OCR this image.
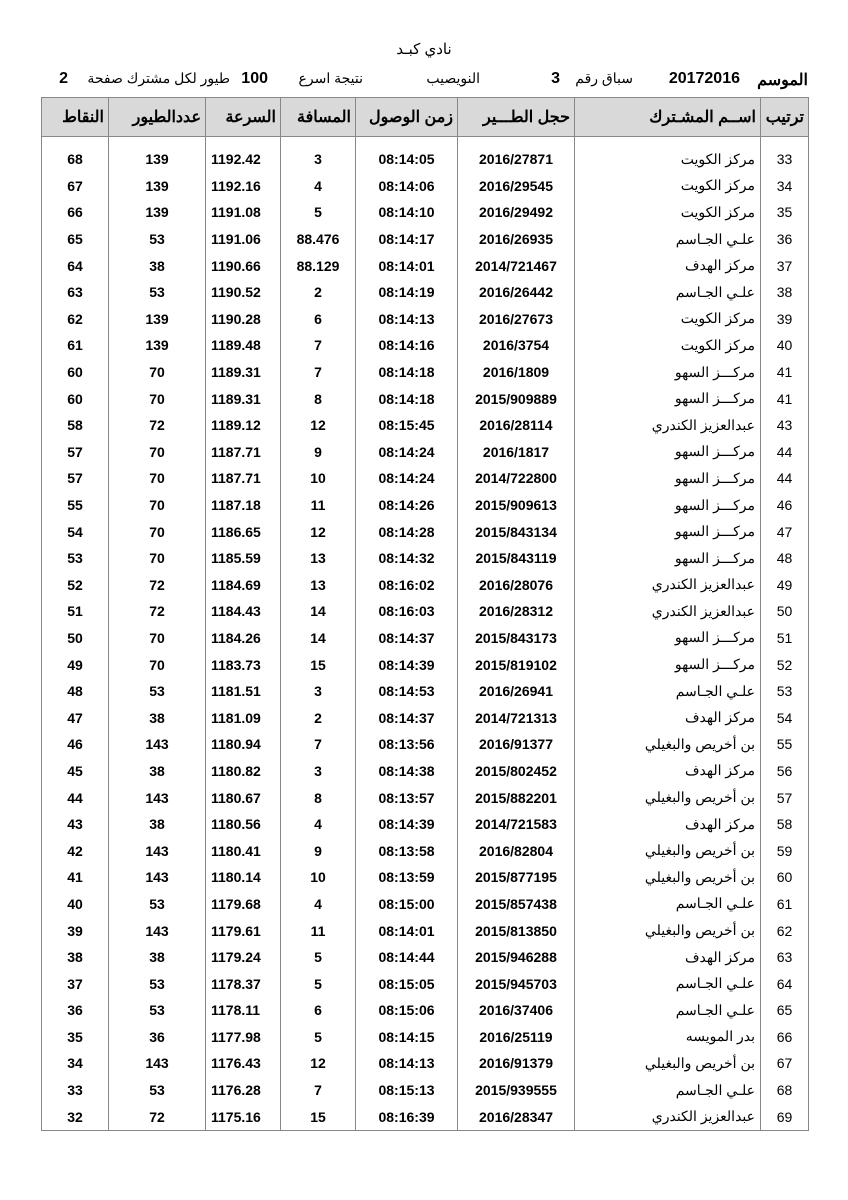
نادي كبـد
الموسم
20172016
سباق رقم
3
النويصيب
نتيجة اسرع
100
طيور لكل مشترك صفحة
2
ترتيب	اســم المشـترك	حجل الطـــير	زمن الوصول	المسافة	السرعة	عددالطيور	النقاط

33	مركز الكويت	2016/27871	08:14:05	3	1192.42	139	68
34	مركز الكويت	2016/29545	08:14:06	4	1192.16	139	67
35	مركز الكويت	2016/29492	08:14:10	5	1191.08	139	66
36	علـي الجـاسم	2016/26935	08:14:17	88.476	1191.06	53	65
37	مركز الهدف	2014/721467	08:14:01	88.129	1190.66	38	64
38	علـي الجـاسم	2016/26442	08:14:19	2	1190.52	53	63
39	مركز الكويت	2016/27673	08:14:13	6	1190.28	139	62
40	مركز الكويت	2016/3754	08:14:16	7	1189.48	139	61
41	مركـــز السهو	2016/1809	08:14:18	7	1189.31	70	60
41	مركـــز السهو	2015/909889	08:14:18	8	1189.31	70	60
43	عبدالعزيز الكندري	2016/28114	08:15:45	12	1189.12	72	58
44	مركـــز السهو	2016/1817	08:14:24	9	1187.71	70	57
44	مركـــز السهو	2014/722800	08:14:24	10	1187.71	70	57
46	مركـــز السهو	2015/909613	08:14:26	11	1187.18	70	55
47	مركـــز السهو	2015/843134	08:14:28	12	1186.65	70	54
48	مركـــز السهو	2015/843119	08:14:32	13	1185.59	70	53
49	عبدالعزيز الكندري	2016/28076	08:16:02	13	1184.69	72	52
50	عبدالعزيز الكندري	2016/28312	08:16:03	14	1184.43	72	51
51	مركـــز السهو	2015/843173	08:14:37	14	1184.26	70	50
52	مركـــز السهو	2015/819102	08:14:39	15	1183.73	70	49
53	علـي الجـاسم	2016/26941	08:14:53	3	1181.51	53	48
54	مركز الهدف	2014/721313	08:14:37	2	1181.09	38	47
55	بن أخريص والبغيلي	2016/91377	08:13:56	7	1180.94	143	46
56	مركز الهدف	2015/802452	08:14:38	3	1180.82	38	45
57	بن أخريص والبغيلي	2015/882201	08:13:57	8	1180.67	143	44
58	مركز الهدف	2014/721583	08:14:39	4	1180.56	38	43
59	بن أخريص والبغيلي	2016/82804	08:13:58	9	1180.41	143	42
60	بن أخريص والبغيلي	2015/877195	08:13:59	10	1180.14	143	41
61	علـي الجـاسم	2015/857438	08:15:00	4	1179.68	53	40
62	بن أخريص والبغيلي	2015/813850	08:14:01	11	1179.61	143	39
63	مركز الهدف	2015/946288	08:14:44	5	1179.24	38	38
64	علـي الجـاسم	2015/945703	08:15:05	5	1178.37	53	37
65	علـي الجـاسم	2016/37406	08:15:06	6	1178.11	53	36
66	بدر المويسه	2016/25119	08:14:15	5	1177.98	36	35
67	بن أخريص والبغيلي	2016/91379	08:14:13	12	1176.43	143	34
68	علـي الجـاسم	2015/939555	08:15:13	7	1176.28	53	33
69	عبدالعزيز الكندري	2016/28347	08:16:39	15	1175.16	72	32
